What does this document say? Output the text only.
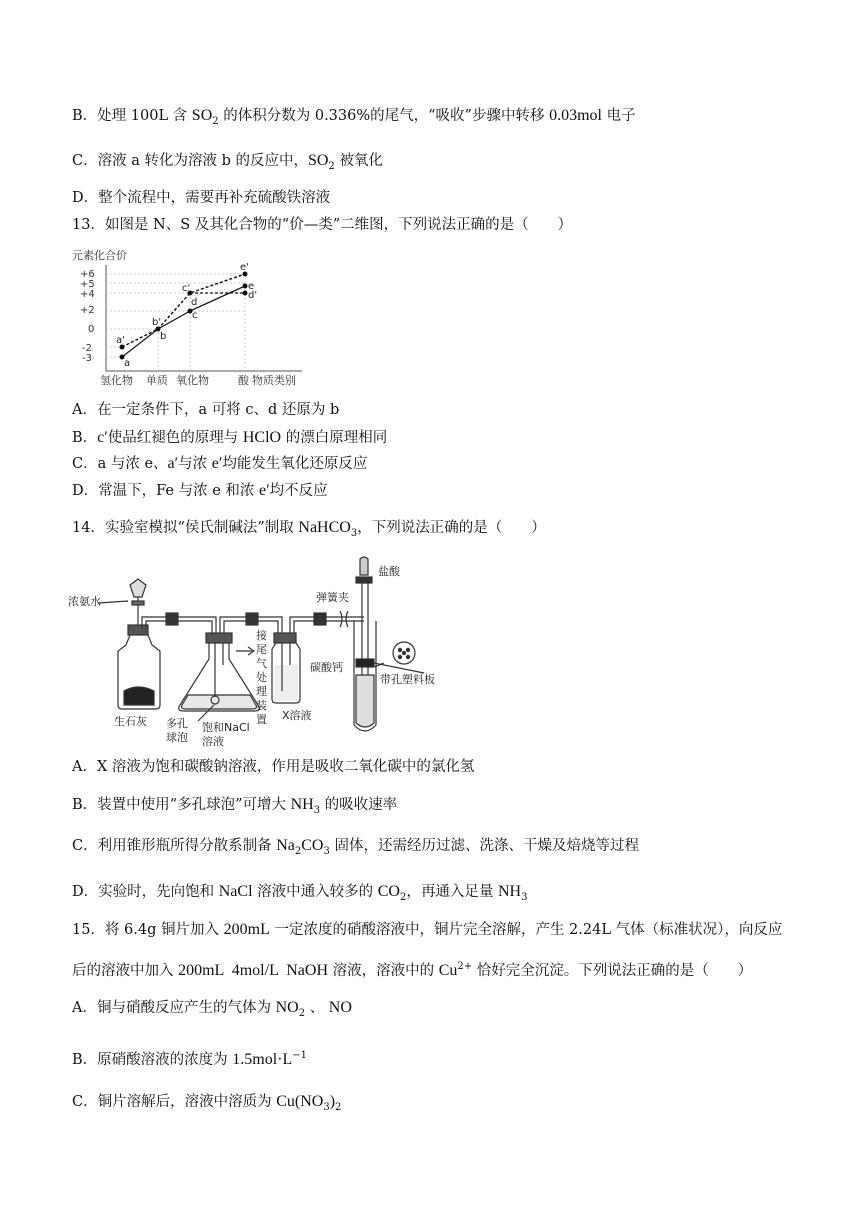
B．处理 100L 含 $SO_2$ 的体积分数为 0.336%的尾气，“吸收”步骤中转移 0.03mol 电子
C．溶液 a 转化为溶液 b 的反应中，$SO_2$ 被氧化
D．整个流程中，需要再补充硫酸铁溶液
13．如图是 N、S 及其化合物的“价—类”二维图，下列说法正确的是（　　）
元素化合价
+6
+5
+4
+2
0
-2
-3	a
a'	b
b'
c
c'
d
d'
e
e'
氢化物 单质 氧化物	酸 物质类别
A．在一定条件下，a 可将 c、d 还原为 b
B．c′使品红褪色的原理与 HClO 的漂白原理相同
C．a 与浓 e、a′与浓 e′均能发生氧化还原反应
D．常温下，Fe 与浓 e 和浓 e′均不反应
14．实验室模拟“侯氏制碱法”制取 NaHCO$_3$，下列说法正确的是（　　）
浓氨水
生石灰 多孔
球泡
饱和NaCl
溶液
接
尾
气
处
理
装
置 X溶液
弹簧夹
盐酸
碳酸钙
带孔塑料板
A．X 溶液为饱和碳酸钠溶液，作用是吸收二氧化碳中的氯化氢
B．装置中使用“多孔球泡”可增大 $NH_3$ 的吸收速率
C．利用锥形瓶所得分散系制备 $Na_2CO_3$ 固体，还需经历过滤、洗涤、干燥及焙烧等过程
D．实验时，先向饱和 NaCl 溶液中通入较多的 $CO_2$，再通入足量 $NH_3$
15．将 6.4g 铜片加入 200mL 一定浓度的硝酸溶液中，铜片完全溶解，产生 2.24L 气体（标准状况），向反应
后的溶液中加入 200mL 4mol/L NaOH 溶液，溶液中的 $Cu^{2+}$ 恰好完全沉淀。下列说法正确的是（　　）
A．铜与硝酸反应产生的气体为 $NO_2$ 、 NO
B．原硝酸溶液的浓度为 $1.5mol\cdot L^{-1}$
C．铜片溶解后，溶液中溶质为 $Cu(NO_3)_2$
